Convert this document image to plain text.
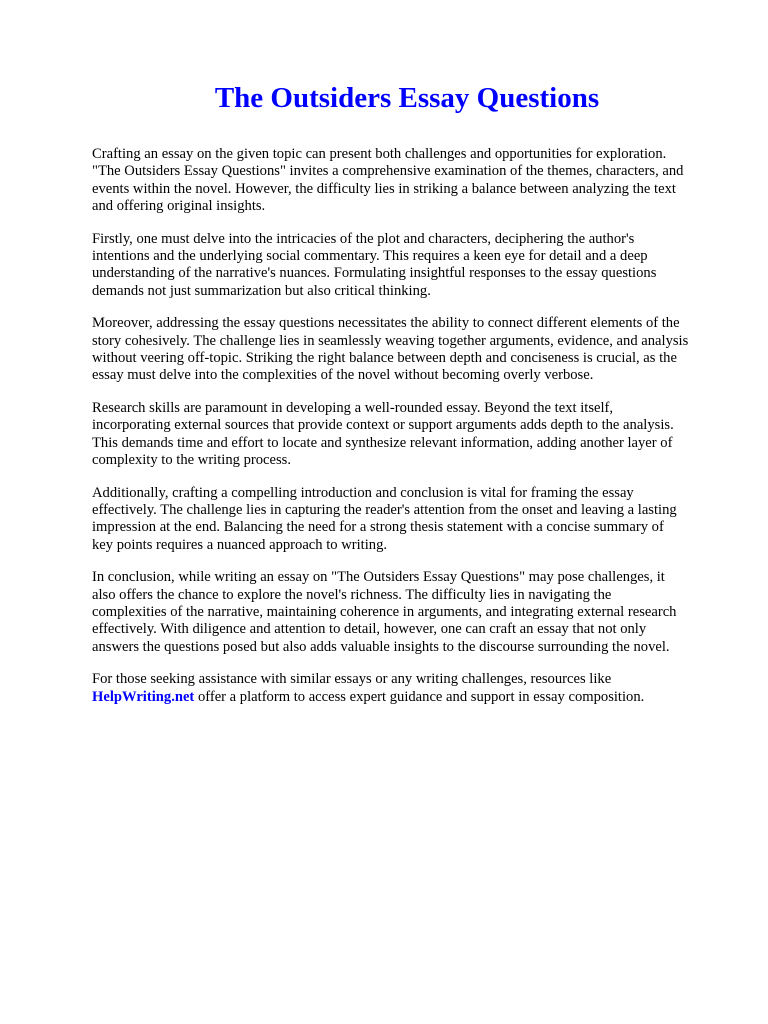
The Outsiders Essay Questions

Crafting an essay on the given topic can present both challenges and opportunities for exploration.
"The Outsiders Essay Questions" invites a comprehensive examination of the themes, characters, and
events within the novel. However, the difficulty lies in striking a balance between analyzing the text
and offering original insights.

Firstly, one must delve into the intricacies of the plot and characters, deciphering the author's
intentions and the underlying social commentary. This requires a keen eye for detail and a deep
understanding of the narrative's nuances. Formulating insightful responses to the essay questions
demands not just summarization but also critical thinking.

Moreover, addressing the essay questions necessitates the ability to connect different elements of the
story cohesively. The challenge lies in seamlessly weaving together arguments, evidence, and analysis
without veering off-topic. Striking the right balance between depth and conciseness is crucial, as the
essay must delve into the complexities of the novel without becoming overly verbose.

Research skills are paramount in developing a well-rounded essay. Beyond the text itself,
incorporating external sources that provide context or support arguments adds depth to the analysis.
This demands time and effort to locate and synthesize relevant information, adding another layer of
complexity to the writing process.

Additionally, crafting a compelling introduction and conclusion is vital for framing the essay
effectively. The challenge lies in capturing the reader's attention from the onset and leaving a lasting
impression at the end. Balancing the need for a strong thesis statement with a concise summary of
key points requires a nuanced approach to writing.

In conclusion, while writing an essay on "The Outsiders Essay Questions" may pose challenges, it
also offers the chance to explore the novel's richness. The difficulty lies in navigating the
complexities of the narrative, maintaining coherence in arguments, and integrating external research
effectively. With diligence and attention to detail, however, one can craft an essay that not only
answers the questions posed but also adds valuable insights to the discourse surrounding the novel.

For those seeking assistance with similar essays or any writing challenges, resources like
HelpWriting.net offer a platform to access expert guidance and support in essay composition.
